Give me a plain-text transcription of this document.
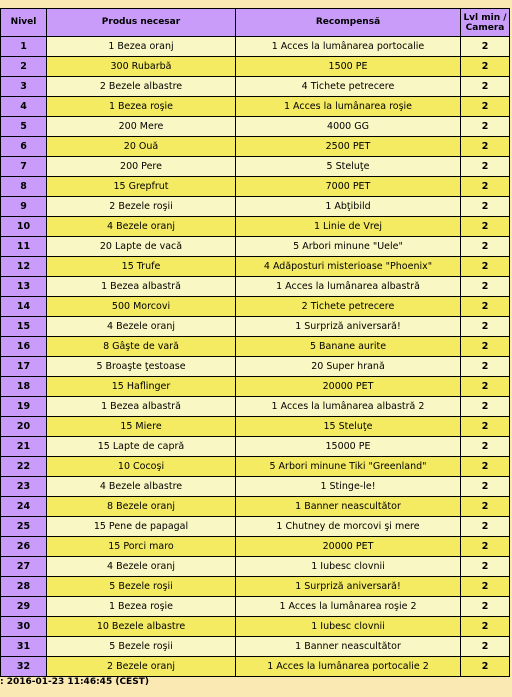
Nivel	Produs necesar	Recompensă	Lvl min /
Camera
1	1 Bezea oranj	1 Acces la lumânarea portocalie	2
2	300 Rubarbă	1500 PE	2
3	2 Bezele albastre	4 Tichete petrecere	2
4	1 Bezea roşie	1 Acces la lumânarea roşie	2
5	200 Mere	4000 GG	2
6	20 Ouă	2500 PET	2
7	200 Pere	5 Steluţe	2
8	15 Grepfrut	7000 PET	2
9	2 Bezele roşii	1 Abţibild	2
10	4 Bezele oranj	1 Linie de Vrej	2
11	20 Lapte de vacă	5 Arbori minune "Uele"	2
12	15 Trufe	4 Adăposturi misterioase "Phoenix"	2
13	1 Bezea albastră	1 Acces la lumânarea albastră	2
14	500 Morcovi	2 Tichete petrecere	2
15	4 Bezele oranj	1 Surpriză aniversară!	2
16	8 Gâşte de vară	5 Banane aurite	2
17	5 Broaşte ţestoase	20 Super hrană	2
18	15 Haflinger	20000 PET	2
19	1 Bezea albastră	1 Acces la lumânarea albastră 2	2
20	15 Miere	15 Steluţe	2
21	15 Lapte de capră	15000 PE	2
22	10 Cocoşi	5 Arbori minune Tiki "Greenland"	2
23	4 Bezele albastre	1 Stinge-le!	2
24	8 Bezele oranj	1 Banner neascultător	2
25	15 Pene de papagal	1 Chutney de morcovi şi mere	2
26	15 Porci maro	20000 PET	2
27	4 Bezele oranj	1 Iubesc clovnii	2
28	5 Bezele roşii	1 Surpriză aniversară!	2
29	1 Bezea roşie	1 Acces la lumânarea roşie 2	2
30	10 Bezele albastre	1 Iubesc clovnii	2
31	5 Bezele roşii	1 Banner neascultător	2
32	2 Bezele oranj	1 Acces la lumânarea portocalie 2	2
: 2016-01-23 11:46:45 (CEST)
